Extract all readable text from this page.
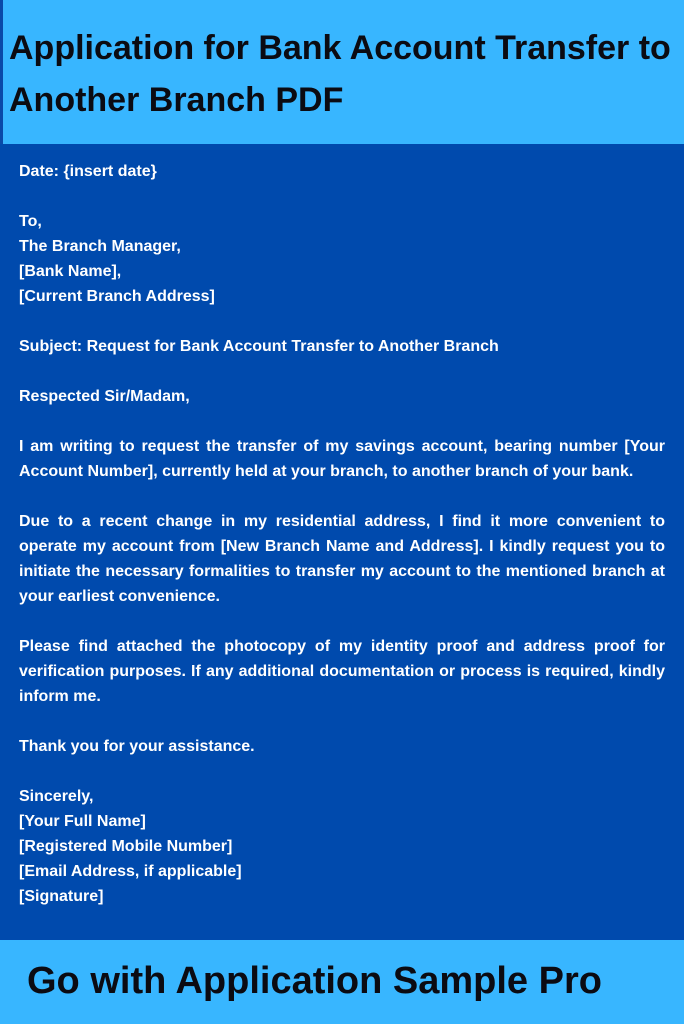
Application for Bank Account Transfer to Another Branch PDF

Date: {insert date}

To,
The Branch Manager,
[Bank Name],
[Current Branch Address]

Subject: Request for Bank Account Transfer to Another Branch

Respected Sir/Madam,

I am writing to request the transfer of my savings account, bearing number [Your Account Number], currently held at your branch, to another branch of your bank.

Due to a recent change in my residential address, I find it more convenient to operate my account from [New Branch Name and Address]. I kindly request you to initiate the necessary formalities to transfer my account to the mentioned branch at your earliest convenience.

Please find attached the photocopy of my identity proof and address proof for verification purposes. If any additional documentation or process is required, kindly inform me.

Thank you for your assistance.

Sincerely,
[Your Full Name]
[Registered Mobile Number]
[Email Address, if applicable]
[Signature]

Go with Application Sample Pro
